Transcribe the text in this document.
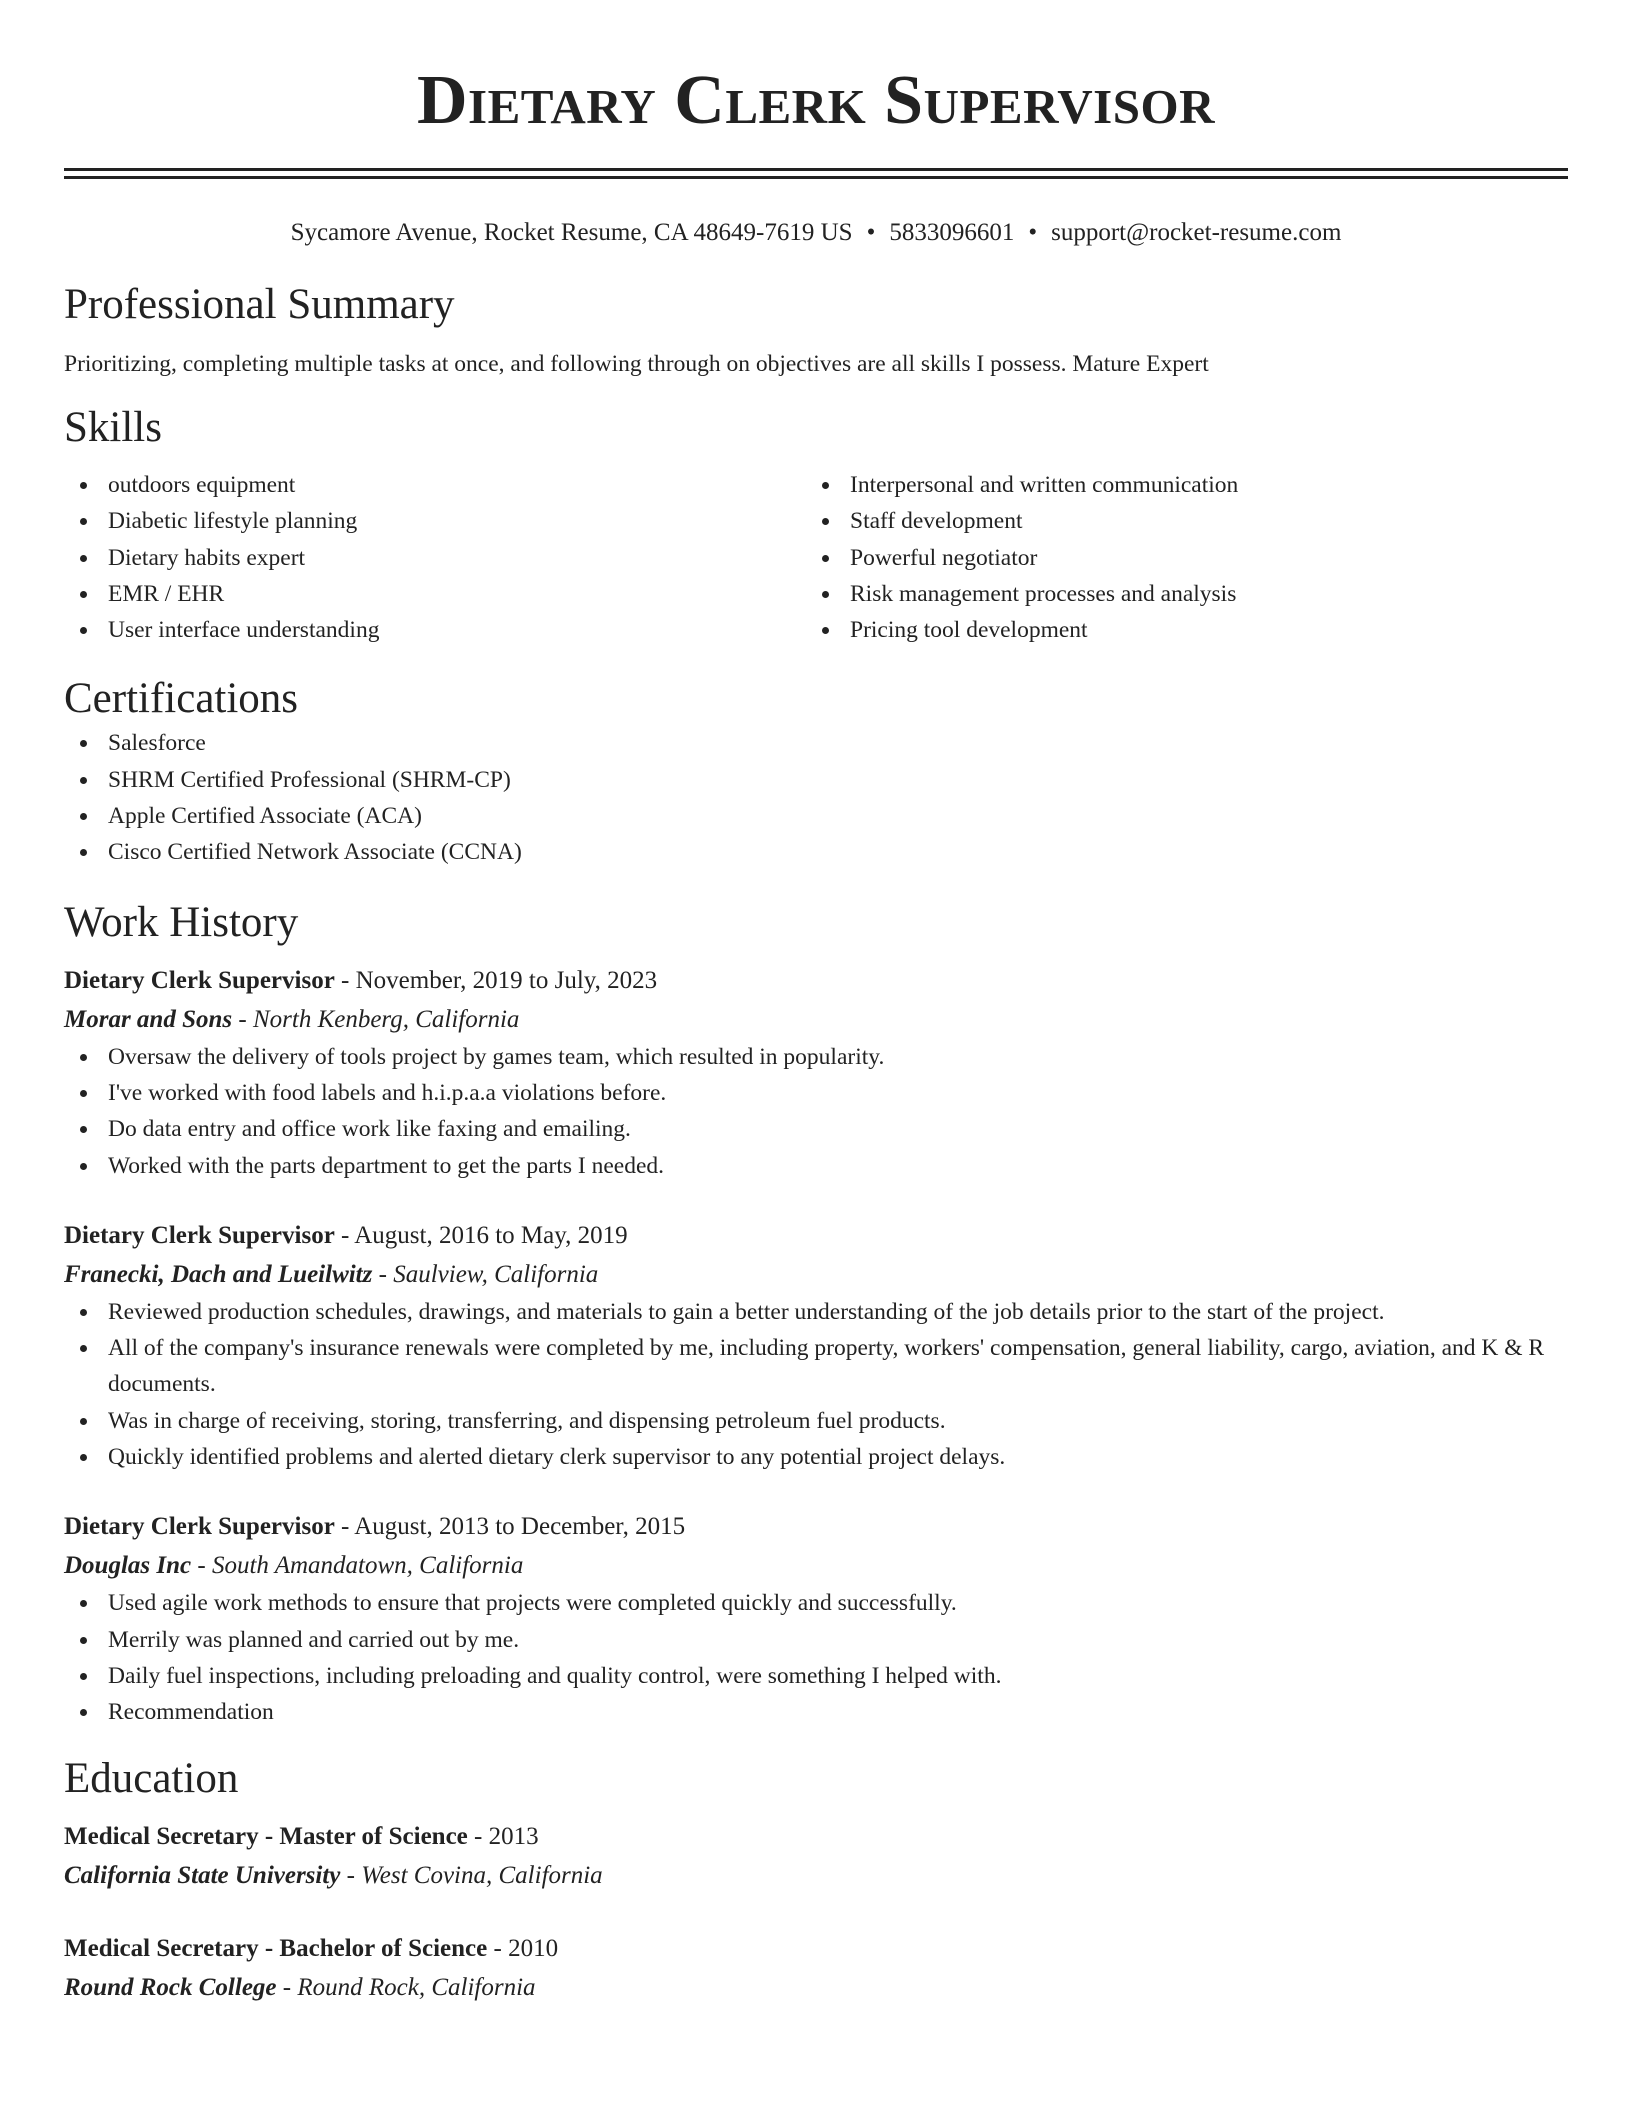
Dietary Clerk Supervisor
Sycamore Avenue, Rocket Resume, CA 48649-7619 US • 5833096601 • support@rocket-resume.com
Professional Summary

Prioritizing, completing multiple tasks at once, and following through on objectives are all skills I possess. Mature Expert

Skills
outdoors equipment
Diabetic lifestyle planning
Dietary habits expert
EMR / EHR
User interface understanding
Interpersonal and written communication
Staff development
Powerful negotiator
Risk management processes and analysis
Pricing tool development
Certifications
Salesforce
SHRM Certified Professional (SHRM-CP)
Apple Certified Associate (ACA)
Cisco Certified Network Associate (CCNA)
Work History
Dietary Clerk Supervisor - November, 2019 to July, 2023
Morar and Sons - North Kenberg, California
Oversaw the delivery of tools project by games team, which resulted in popularity.
I've worked with food labels and h.i.p.a.a violations before.
Do data entry and office work like faxing and emailing.
Worked with the parts department to get the parts I needed.
Dietary Clerk Supervisor - August, 2016 to May, 2019
Franecki, Dach and Lueilwitz - Saulview, California
Reviewed production schedules, drawings, and materials to gain a better understanding of the job details prior to the start of the project.
All of the company's insurance renewals were completed by me, including property, workers' compensation, general liability, cargo, aviation, and K & R documents.
Was in charge of receiving, storing, transferring, and dispensing petroleum fuel products.
Quickly identified problems and alerted dietary clerk supervisor to any potential project delays.
Dietary Clerk Supervisor - August, 2013 to December, 2015
Douglas Inc - South Amandatown, California
Used agile work methods to ensure that projects were completed quickly and successfully.
Merrily was planned and carried out by me.
Daily fuel inspections, including preloading and quality control, were something I helped with.
Recommendation
Education
Medical Secretary - Master of Science - 2013
California State University - West Covina, California
Medical Secretary - Bachelor of Science - 2010
Round Rock College - Round Rock, California
